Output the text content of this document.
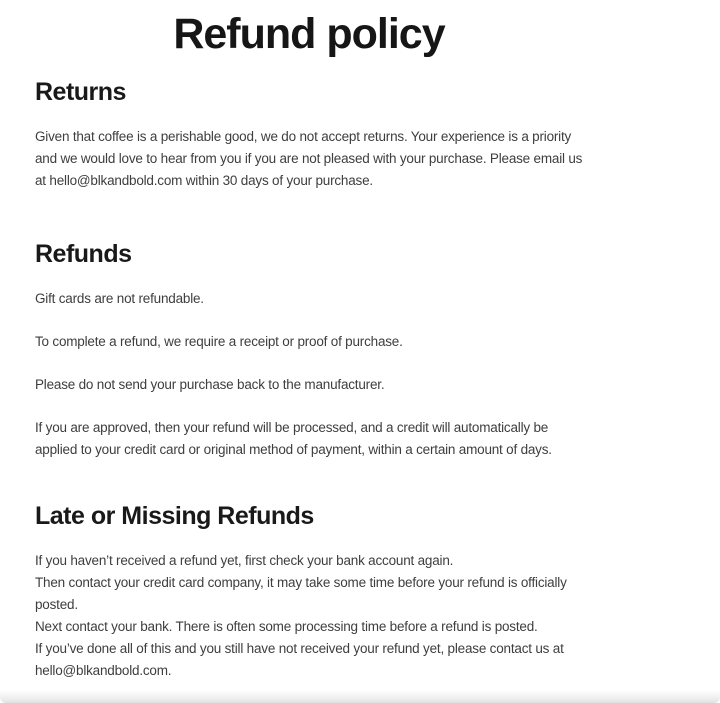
Refund policy
Returns

Given that coffee is a perishable good, we do not accept returns. Your experience is a priority and we would love to hear from you if you are not pleased with your purchase. Please email us at hello@blkandbold.com within 30 days of your purchase.

Refunds

Gift cards are not refundable.

To complete a refund, we require a receipt or proof of purchase.

Please do not send your purchase back to the manufacturer.

If you are approved, then your refund will be processed, and a credit will automatically be applied to your credit card or original method of payment, within a certain amount of days.

Late or Missing Refunds
If you haven’t received a refund yet, first check your bank account again.
Then contact your credit card company, it may take some time before your refund is officially posted.
Next contact your bank. There is often some processing time before a refund is posted.
If you’ve done all of this and you still have not received your refund yet, please contact us at hello@blkandbold.com.
